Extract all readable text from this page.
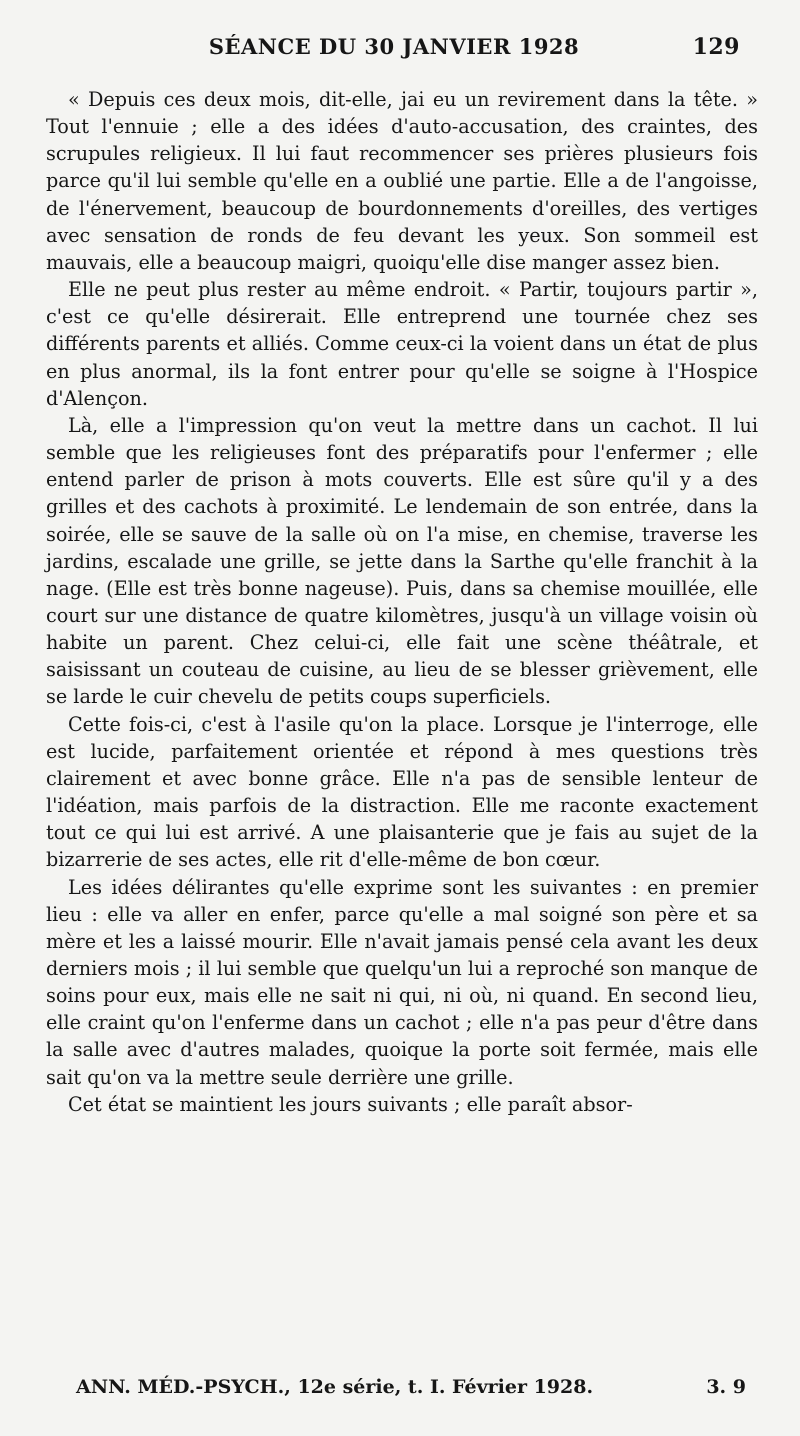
SÉANCE DU 30 JANVIER 1928	129

« Depuis ces deux mois, dit-elle, jai eu un revirement dans la tête. » Tout l'ennuie ; elle a des idées d'auto-accusation, des craintes, des scrupules religieux. Il lui faut recommencer ses prières plusieurs fois parce qu'il lui semble qu'elle en a oublié une partie. Elle a de l'angoisse, de l'énervement, beaucoup de bourdonnements d'oreilles, des vertiges avec sensation de ronds de feu devant les yeux. Son sommeil est mauvais, elle a beaucoup maigri, quoiqu'elle dise manger assez bien.

Elle ne peut plus rester au même endroit. « Partir, toujours partir », c'est ce qu'elle désirerait. Elle entreprend une tournée chez ses différents parents et alliés. Comme ceux-ci la voient dans un état de plus en plus anormal, ils la font entrer pour qu'elle se soigne à l'Hospice d'Alençon.

Là, elle a l'impression qu'on veut la mettre dans un cachot. Il lui semble que les religieuses font des préparatifs pour l'enfermer ; elle entend parler de prison à mots couverts. Elle est sûre qu'il y a des grilles et des cachots à proximité. Le lendemain de son entrée, dans la soirée, elle se sauve de la salle où on l'a mise, en chemise, traverse les jardins, escalade une grille, se jette dans la Sarthe qu'elle franchit à la nage. (Elle est très bonne nageuse). Puis, dans sa chemise mouillée, elle court sur une distance de quatre kilomètres, jusqu'à un village voisin où habite un parent. Chez celui-ci, elle fait une scène théâtrale, et saisissant un couteau de cuisine, au lieu de se blesser grièvement, elle se larde le cuir chevelu de petits coups superficiels.

Cette fois-ci, c'est à l'asile qu'on la place. Lorsque je l'interroge, elle est lucide, parfaitement orientée et répond à mes questions très clairement et avec bonne grâce. Elle n'a pas de sensible lenteur de l'idéation, mais parfois de la distraction. Elle me raconte exactement tout ce qui lui est arrivé. A une plaisanterie que je fais au sujet de la bizarrerie de ses actes, elle rit d'elle-même de bon cœur.

Les idées délirantes qu'elle exprime sont les suivantes : en premier lieu : elle va aller en enfer, parce qu'elle a mal soigné son père et sa mère et les a laissé mourir. Elle n'avait jamais pensé cela avant les deux derniers mois ; il lui semble que quelqu'un lui a reproché son manque de soins pour eux, mais elle ne sait ni qui, ni où, ni quand. En second lieu, elle craint qu'on l'enferme dans un cachot ; elle n'a pas peur d'être dans la salle avec d'autres malades, quoique la porte soit fermée, mais elle sait qu'on va la mettre seule derrière une grille.

Cet état se maintient les jours suivants ; elle paraît absor-

ANN. MÉD.-PSYCH., 12e série, t. I. Février 1928.	3. 9
